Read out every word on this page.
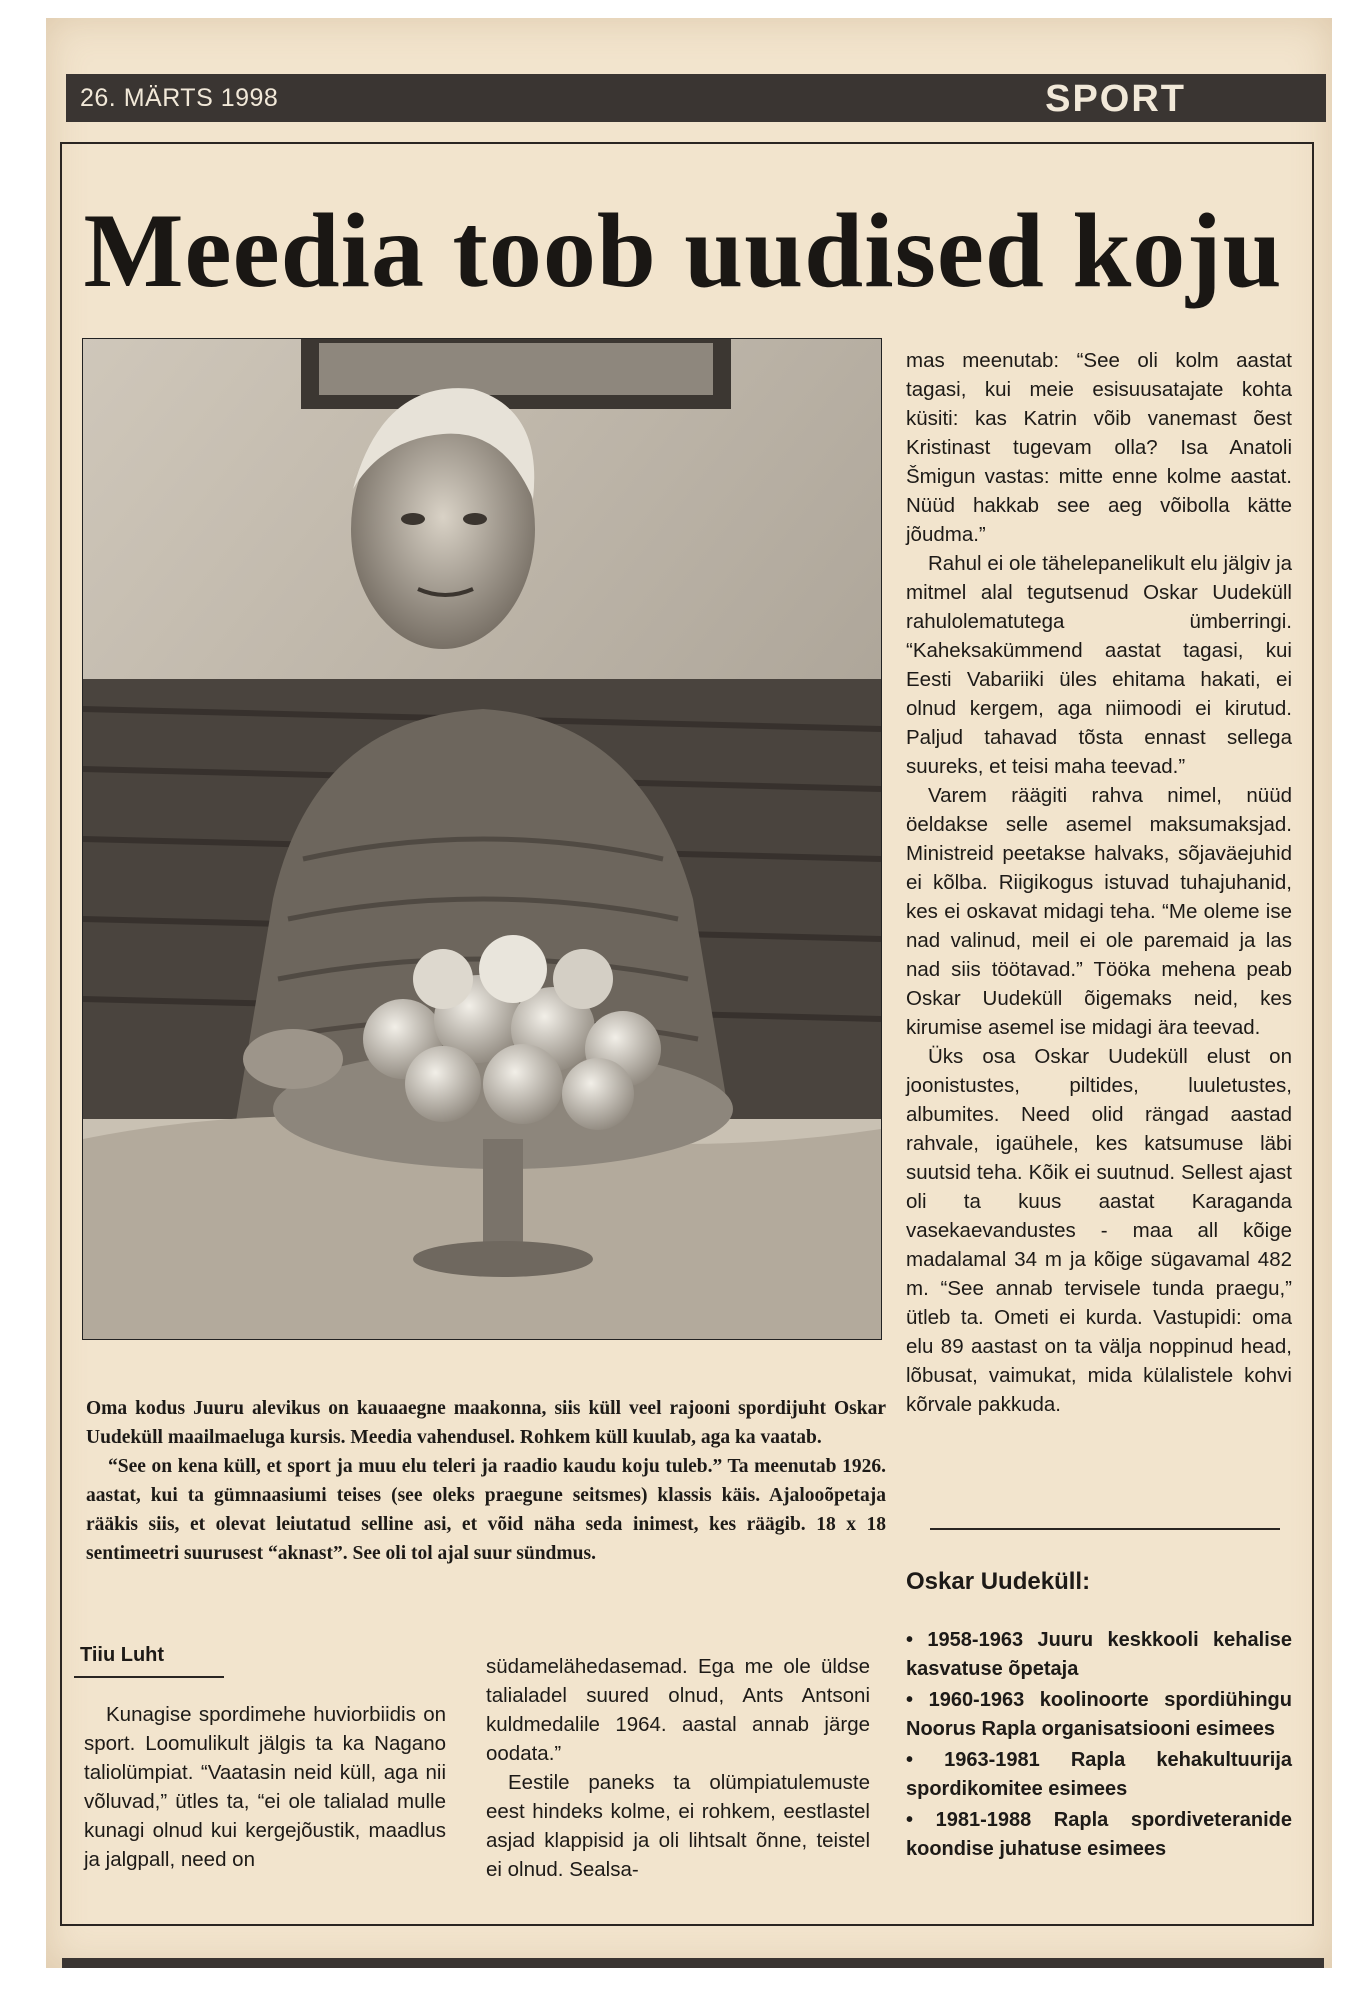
26. MÄRTS 1998	SPORT
Meedia toob uudised koju

Oma kodus Juuru alevikus on kauaaegne maakonna, siis küll veel rajooni spordijuht Oskar Uudeküll maailmaeluga kursis. Meedia vahendusel. Rohkem küll kuulab, aga ka vaatab.

“See on kena küll, et sport ja muu elu teleri ja raadio kaudu koju tuleb.” Ta meenutab 1926. aastat, kui ta gümnaasiumi teises (see oleks praegune seitsmes) klassis käis. Ajalooõpetaja rääkis siis, et olevat leiutatud selline asi, et võid näha seda inimest, kes räägib. 18 x 18 sentimeetri suurusest “aknast”. See oli tol ajal suur sündmus.

Tiiu Luht

Kunagise spordimehe huviorbiidis on sport. Loomulikult jälgis ta ka Nagano taliolümpiat. “Vaatasin neid küll, aga nii võluvad,” ütles ta, “ei ole talialad mulle kunagi olnud kui kergejõustik, maadlus ja jalgpall, need on

südamelähedasemad. Ega me ole üldse talialadel suured olnud, Ants Antsoni kuldmedalile 1964. aastal annab järge oodata.”

Eestile paneks ta olümpiatulemuste eest hindeks kolme, ei rohkem, eestlastel asjad klappisid ja oli lihtsalt õnne, teistel ei olnud. Sealsa-

mas meenutab: “See oli kolm aastat tagasi, kui meie esisuusatajate kohta küsiti: kas Katrin võib vanemast õest Kristinast tugevam olla? Isa Anatoli Šmigun vastas: mitte enne kolme aastat. Nüüd hakkab see aeg võibolla kätte jõudma.”

Rahul ei ole tähelepanelikult elu jälgiv ja mitmel alal tegutsenud Oskar Uudeküll rahulolematutega ümberringi. “Kaheksakümmend aastat tagasi, kui Eesti Vabariiki üles ehitama hakati, ei olnud kergem, aga niimoodi ei kirutud. Paljud tahavad tõsta ennast sellega suureks, et teisi maha teevad.”

Varem räägiti rahva nimel, nüüd öeldakse selle asemel maksumaksjad. Ministreid peetakse halvaks, sõjaväejuhid ei kõlba. Riigikogus istuvad tuhajuhanid, kes ei oskavat midagi teha. “Me oleme ise nad valinud, meil ei ole paremaid ja las nad siis töötavad.” Töökа mehena peab Oskar Uudeküll õigemaks neid, kes kirumise asemel ise midagi ära teevad.

Üks osa Oskar Uudeküll elust on joonistustes, piltides, luuletustes, albumites. Need olid rängad aastad rahvale, igaühele, kes katsumuse läbi suutsid teha. Kõik ei suutnud. Sellest ajast oli ta kuus aastat Karaganda vasekaevandustes - maa all kõige madalamal 34 m ja kõige sügavamal 482 m. “See annab tervisele tunda praegu,” ütleb ta. Ometi ei kurda. Vastupidi: oma elu 89 aastast on ta välja noppinud head, lõbusat, vaimukat, mida külalistele kohvi kõrvale pakkuda.

Oskar Uudeküll:
• 1958-1963 Juuru keskkooli kehalise kasvatuse õpetaja
• 1960-1963 koolinoorte spordiühingu Noorus Rapla organisatsiooni esimees
• 1963-1981 Rapla kehakultuurija spordikomitee esimees
• 1981-1988 Rapla spordiveteranide koondise juhatuse esimees
